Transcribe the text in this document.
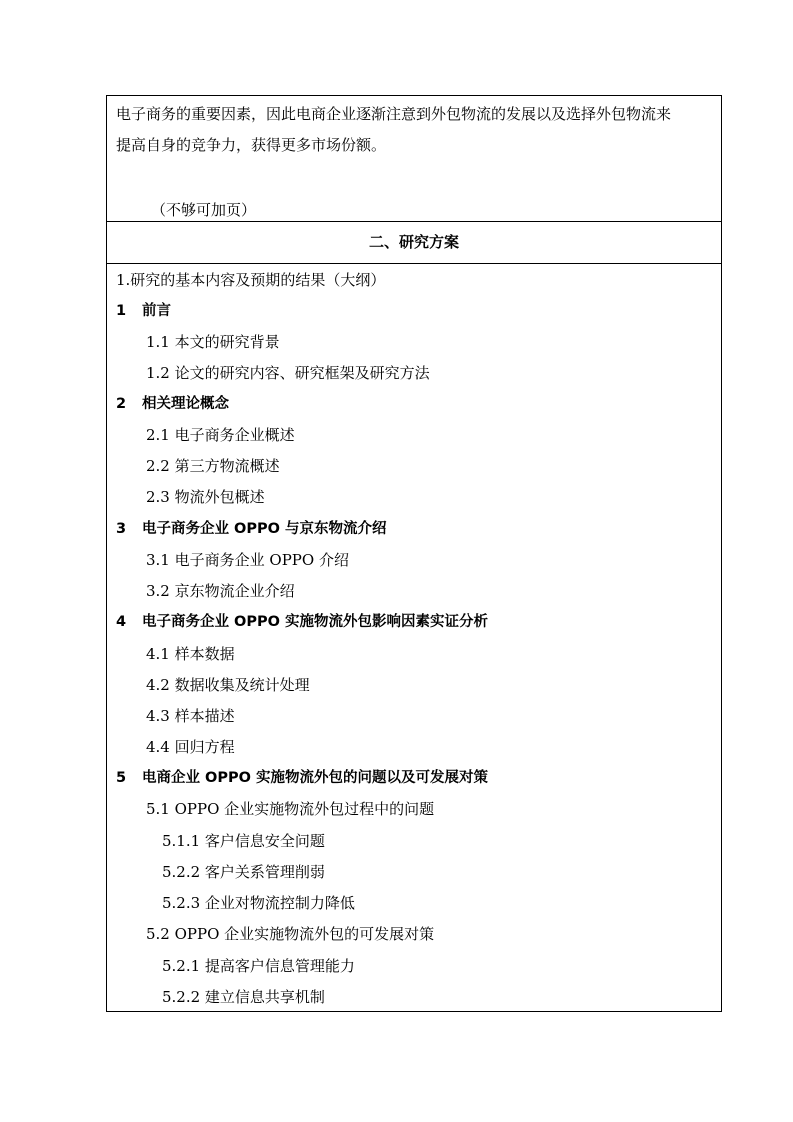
电子商务的重要因素，因此电商企业逐渐注意到外包物流的发展以及选择外包物流来
提高自身的竞争力，获得更多市场份额。
（不够可加页）
二、研究方案
1.研究的基本内容及预期的结果（大纲）
1 前言
1.1 本文的研究背景
1.2 论文的研究内容、研究框架及研究方法
2 相关理论概念
2.1 电子商务企业概述
2.2 第三方物流概述
2.3 物流外包概述
3 电子商务企业 OPPO 与京东物流介绍
3.1 电子商务企业 OPPO 介绍
3.2 京东物流企业介绍
4 电子商务企业 OPPO 实施物流外包影响因素实证分析
4.1 样本数据
4.2 数据收集及统计处理
4.3 样本描述
4.4 回归方程
5 电商企业 OPPO 实施物流外包的问题以及可发展对策
5.1 OPPO 企业实施物流外包过程中的问题
5.1.1 客户信息安全问题
5.2.2 客户关系管理削弱
5.2.3 企业对物流控制力降低
5.2 OPPO 企业实施物流外包的可发展对策
5.2.1 提高客户信息管理能力
5.2.2 建立信息共享机制
